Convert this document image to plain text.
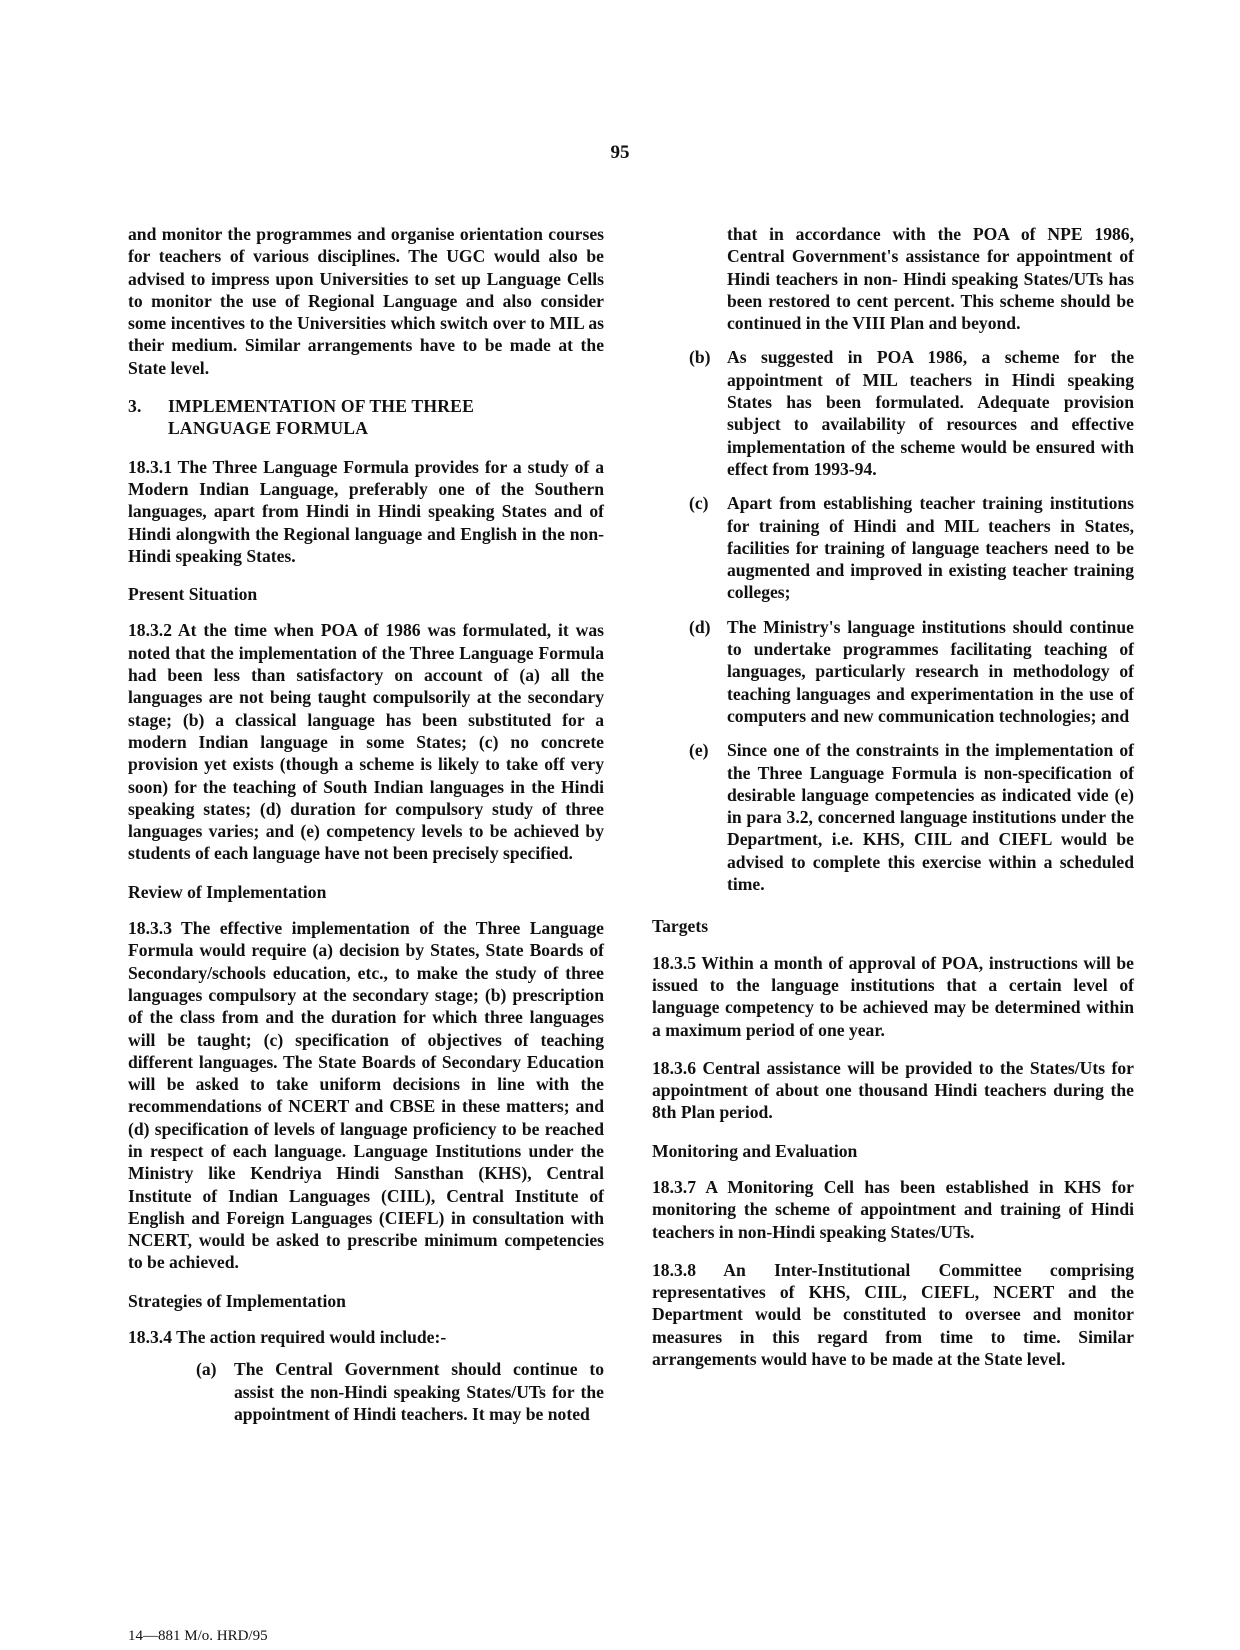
95

and monitor the programmes and organise orientation courses for teachers of various disciplines. The UGC would also be advised to impress upon Universities to set up Language Cells to monitor the use of Regional Language and also consider some incentives to the Universities which switch over to MIL as their medium. Similar arrangements have to be made at the State level.

3. IMPLEMENTATION OF THE THREE
LANGUAGE FORMULA

18.3.1 The Three Language Formula provides for a study of a Modern Indian Language, preferably one of the Southern languages, apart from Hindi in Hindi speaking States and of Hindi alongwith the Regional language and English in the non-Hindi speaking States.

Present Situation

18.3.2 At the time when POA of 1986 was formulated, it was noted that the implementation of the Three Language Formula had been less than satisfactory on account of (a) all the languages are not being taught compulsorily at the secondary stage; (b) a classical language has been substituted for a modern Indian language in some States; (c) no concrete provision yet exists (though a scheme is likely to take off very soon) for the teaching of South Indian languages in the Hindi speaking states; (d) duration for compulsory study of three languages varies; and (e) competency levels to be achieved by students of each language have not been precisely specified.

Review of Implementation

18.3.3 The effective implementation of the Three Language Formula would require (a) decision by States, State Boards of Secondary/schools education, etc., to make the study of three languages compulsory at the secondary stage; (b) prescription of the class from and the duration for which three languages will be taught; (c) specification of objectives of teaching different languages. The State Boards of Secondary Education will be asked to take uniform decisions in line with the recommendations of NCERT and CBSE in these matters; and (d) specification of levels of language proficiency to be reached in respect of each language. Language Institutions under the Ministry like Kendriya Hindi Sansthan (KHS), Central Institute of Indian Languages (CIIL), Central Institute of English and Foreign Languages (CIEFL) in consultation with NCERT, would be asked to prescribe minimum competencies to be achieved.

Strategies of Implementation

18.3.4 The action required would include:-

(a) The Central Government should continue to assist the non-Hindi speaking States/UTs for the appointment of Hindi teachers. It may be noted

that in accordance with the POA of NPE 1986, Central Government's assistance for appointment of Hindi teachers in non- Hindi speaking States/UTs has been restored to cent percent. This scheme should be continued in the VIII Plan and beyond.

(b) As suggested in POA 1986, a scheme for the appointment of MIL teachers in Hindi speaking States has been formulated. Adequate provision subject to availability of resources and effective implementation of the scheme would be ensured with effect from 1993-94.
(c) Apart from establishing teacher training institutions for training of Hindi and MIL teachers in States, facilities for training of language teachers need to be augmented and improved in existing teacher training colleges;
(d) The Ministry's language institutions should continue to undertake programmes facilitating teaching of languages, particularly research in methodology of teaching languages and experimentation in the use of computers and new communication technologies; and
(e) Since one of the constraints in the implementation of the Three Language Formula is non-specification of desirable language competencies as indicated vide (e) in para 3.2, concerned language institutions under the Department, i.e. KHS, CIIL and CIEFL would be advised to complete this exercise within a scheduled time.
Targets

18.3.5 Within a month of approval of POA, instructions will be issued to the language institutions that a certain level of language competency to be achieved may be determined within a maximum period of one year.

18.3.6 Central assistance will be provided to the States/Uts for appointment of about one thousand Hindi teachers during the 8th Plan period.

Monitoring and Evaluation

18.3.7 A Monitoring Cell has been established in KHS for monitoring the scheme of appointment and training of Hindi teachers in non-Hindi speaking States/UTs.

18.3.8 An Inter-Institutional Committee comprising representatives of KHS, CIIL, CIEFL, NCERT and the Department would be constituted to oversee and monitor measures in this regard from time to time. Similar arrangements would have to be made at the State level.

14—881 M/o. HRD/95
